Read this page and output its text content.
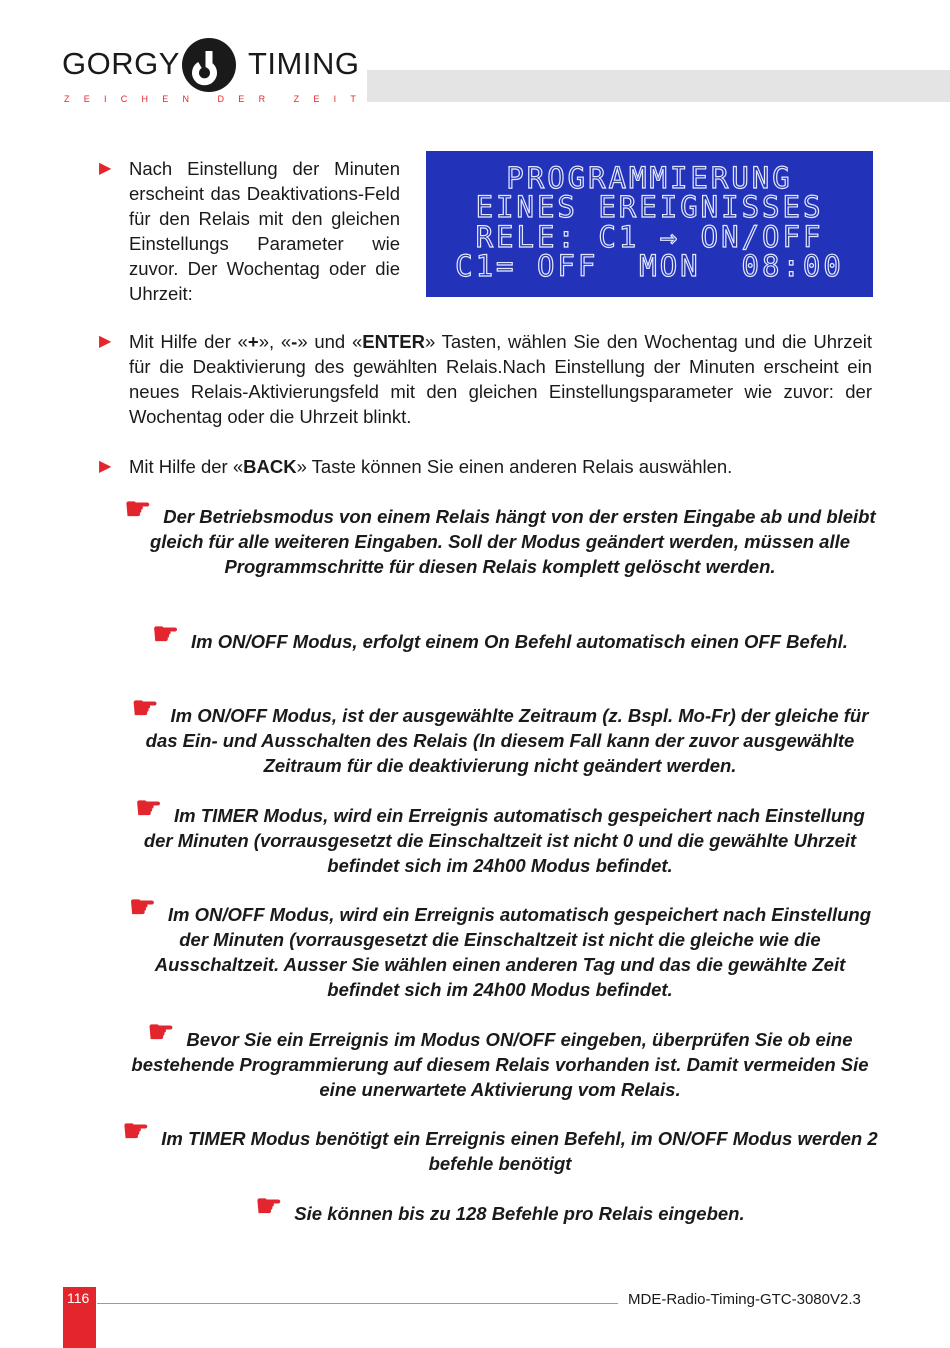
GORGY TIMING
Z E I C H E N	D E R	Z E I T
▶ Nach Einstellung der Minuten erscheint das Deaktivations-Feld für den Relais mit den gleichen Einstellungs Parameter wie zuvor. Der Wochentag oder die Uhrzeit:
PROGRAMMIERUNG
EINES EREIGNISSES
RELE: C1 → ON/OFF
C1= OFF  MON  08:00
▶ Mit Hilfe der «+», «-» und «ENTER» Tasten, wählen Sie den Wochentag und die Uhrzeit für die Deaktivierung des gewählten Relais.Nach Einstellung der Minuten erscheint ein neues Relais-Aktivierungsfeld mit den gleichen Einstellungsparameter wie zuvor: der Wochentag oder die Uhrzeit blinkt.
▶ Mit Hilfe der «BACK» Taste können Sie einen anderen Relais auswählen.
☛ Der Betriebsmodus von einem Relais hängt von der ersten Eingabe ab und bleibt gleich für alle weiteren Eingaben. Soll der Modus geändert werden, müssen alle Programmschritte für diesen Relais komplett gelöscht werden.
☛ Im ON/OFF Modus, erfolgt einem On Befehl automatisch einen OFF Befehl.
☛ Im ON/OFF Modus, ist der ausgewählte Zeitraum (z. Bspl. Mo-Fr) der gleiche für das Ein- und Ausschalten des Relais (In diesem Fall kann der zuvor ausgewählte Zeitraum für die deaktivierung nicht geändert werden.
☛ Im TIMER Modus, wird ein Erreignis automatisch gespeichert nach Einstellung der Minuten (vorrausgesetzt die Einschaltzeit ist nicht 0 und die gewählte Uhrzeit befindet sich im 24h00 Modus befindet.
☛ Im ON/OFF Modus, wird ein Erreignis automatisch gespeichert nach Einstellung der Minuten (vorrausgesetzt die Einschaltzeit ist nicht die gleiche wie die Ausschaltzeit. Ausser Sie wählen einen anderen Tag und das die gewählte Zeit befindet sich im 24h00 Modus befindet.
☛ Bevor Sie ein Erreignis im Modus ON/OFF eingeben, überprüfen Sie ob eine bestehende Programmierung auf diesem Relais vorhanden ist. Damit vermeiden Sie eine unerwartete Aktivierung vom Relais.
☛ Im TIMER Modus benötigt ein Erreignis einen Befehl, im ON/OFF Modus werden 2 befehle benötigt
☛ Sie können bis zu 128 Befehle pro Relais eingeben.
116	MDE-Radio-Timing-GTC-3080V2.3
